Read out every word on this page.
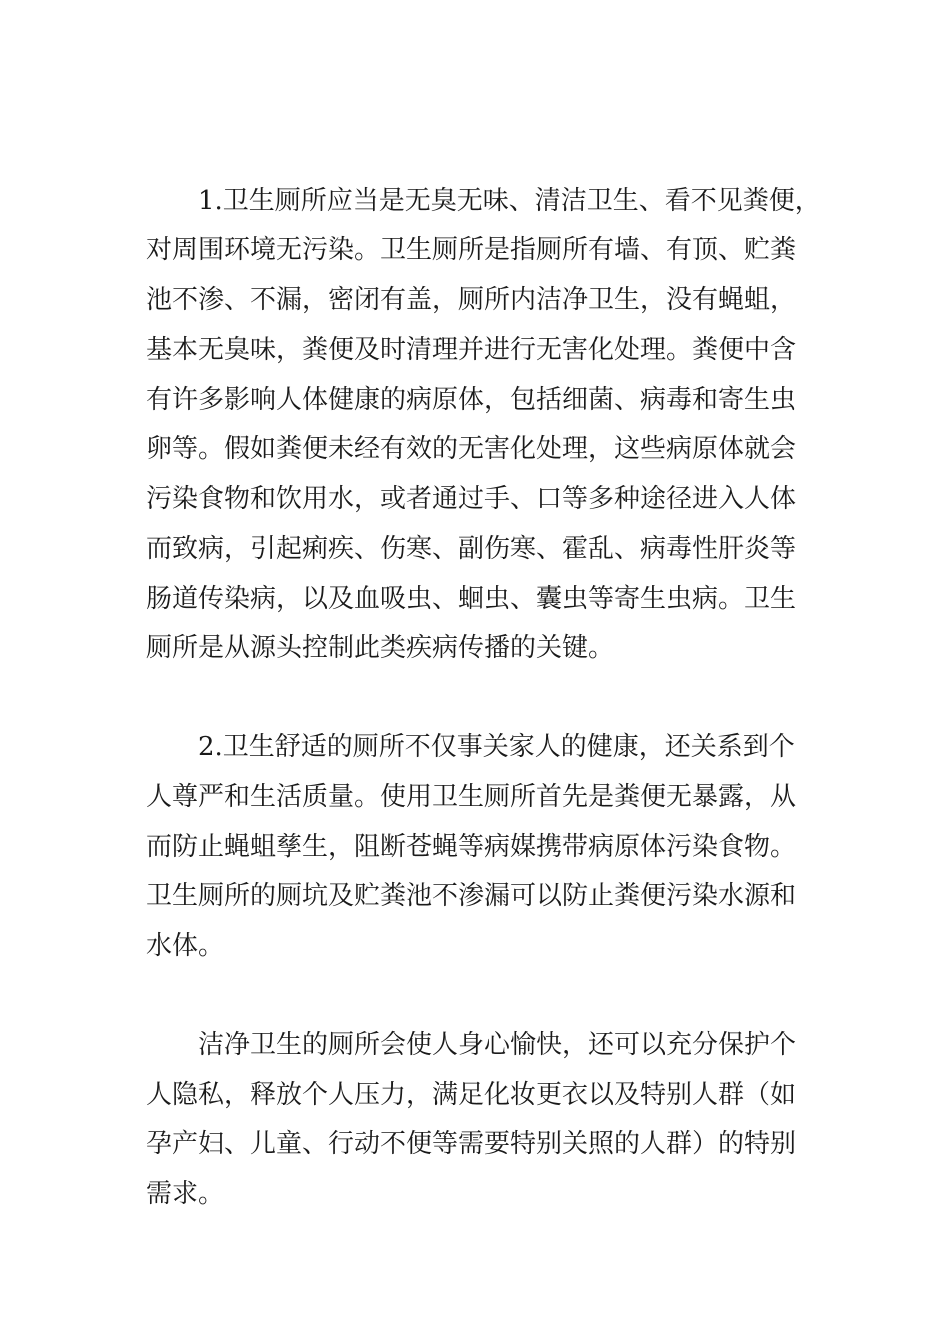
1.卫生厕所应当是无臭无味、清洁卫生、看不见粪便，
对周围环境无污染。卫生厕所是指厕所有墙、有顶、贮粪
池不渗、不漏，密闭有盖，厕所内洁净卫生，没有蝇蛆，
基本无臭味，粪便及时清理并进行无害化处理。粪便中含
有许多影响人体健康的病原体，包括细菌、病毒和寄生虫
卵等。假如粪便未经有效的无害化处理，这些病原体就会
污染食物和饮用水，或者通过手、口等多种途径进入人体
而致病，引起痢疾、伤寒、副伤寒、霍乱、病毒性肝炎等
肠道传染病，以及血吸虫、蛔虫、囊虫等寄生虫病。卫生
厕所是从源头控制此类疾病传播的关键。
2.卫生舒适的厕所不仅事关家人的健康，还关系到个
人尊严和生活质量。使用卫生厕所首先是粪便无暴露，从
而防止蝇蛆孳生，阻断苍蝇等病媒携带病原体污染食物。
卫生厕所的厕坑及贮粪池不渗漏可以防止粪便污染水源和
水体。
洁净卫生的厕所会使人身心愉快，还可以充分保护个
人隐私，释放个人压力，满足化妆更衣以及特别人群（如
孕产妇、儿童、行动不便等需要特别关照的人群）的特别
需求。
